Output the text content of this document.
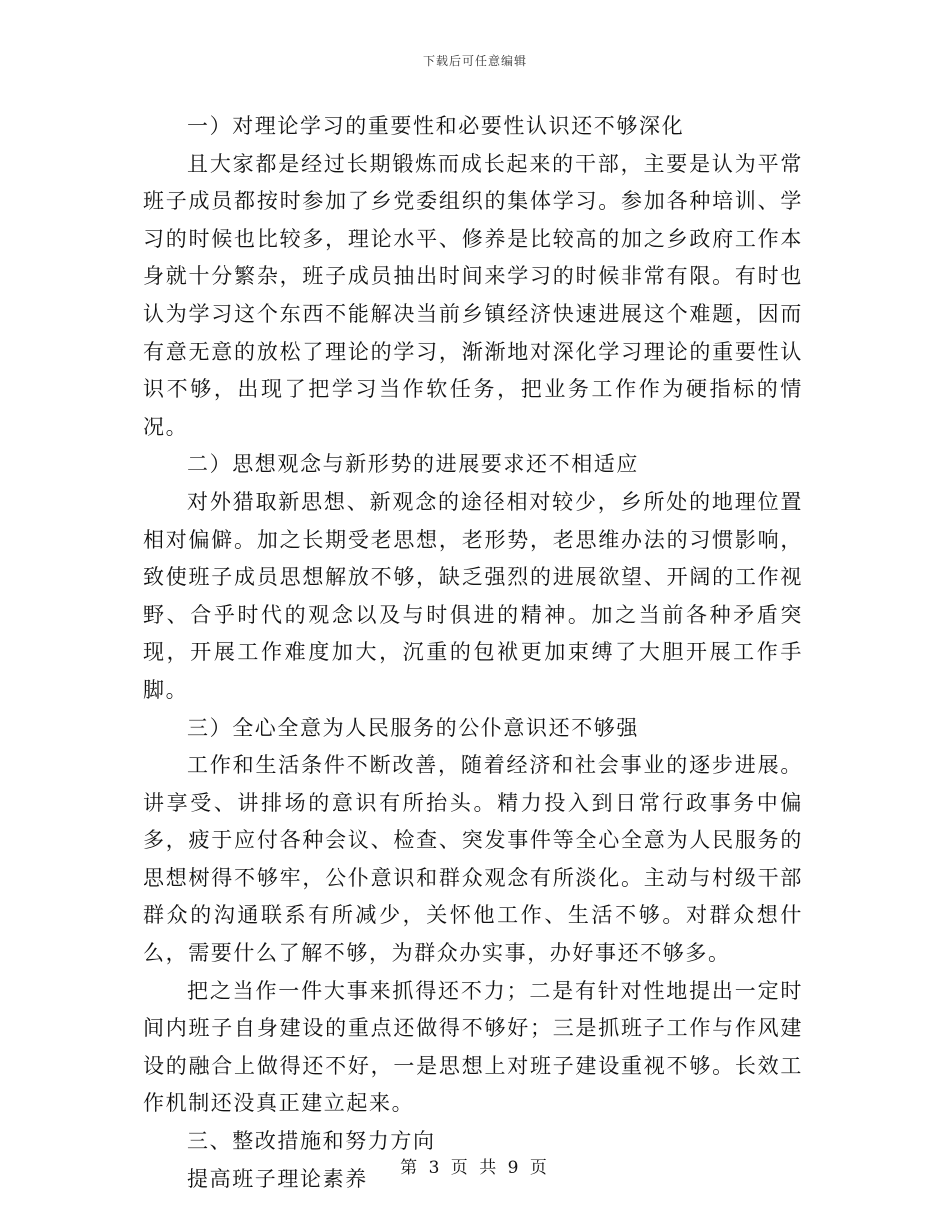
下载后可任意编辑

一）对理论学习的重要性和必要性认识还不够深化

且大家都是经过长期锻炼而成长起来的干部，主要是认为平常班子成员都按时参加了乡党委组织的集体学习。参加各种培训、学习的时候也比较多，理论水平、修养是比较高的加之乡政府工作本身就十分繁杂，班子成员抽出时间来学习的时候非常有限。有时也认为学习这个东西不能解决当前乡镇经济快速进展这个难题，因而有意无意的放松了理论的学习，渐渐地对深化学习理论的重要性认识不够，出现了把学习当作软任务，把业务工作作为硬指标的情况。

二）思想观念与新形势的进展要求还不相适应

对外猎取新思想、新观念的途径相对较少，乡所处的地理位置相对偏僻。加之长期受老思想，老形势，老思维办法的习惯影响，致使班子成员思想解放不够，缺乏强烈的进展欲望、开阔的工作视野、合乎时代的观念以及与时俱进的精神。加之当前各种矛盾突现，开展工作难度加大，沉重的包袱更加束缚了大胆开展工作手脚。

三）全心全意为人民服务的公仆意识还不够强

工作和生活条件不断改善，随着经济和社会事业的逐步进展。讲享受、讲排场的意识有所抬头。精力投入到日常行政事务中偏多，疲于应付各种会议、检查、突发事件等全心全意为人民服务的思想树得不够牢，公仆意识和群众观念有所淡化。主动与村级干部群众的沟通联系有所减少，关怀他工作、生活不够。对群众想什么，需要什么了解不够，为群众办实事，办好事还不够多。

把之当作一件大事来抓得还不力；二是有针对性地提出一定时间内班子自身建设的重点还做得不够好；三是抓班子工作与作风建设的融合上做得还不好，一是思想上对班子建设重视不够。长效工作机制还没真正建立起来。

三、整改措施和努力方向

提高班子理论素养	第 3 页 共 9 页
